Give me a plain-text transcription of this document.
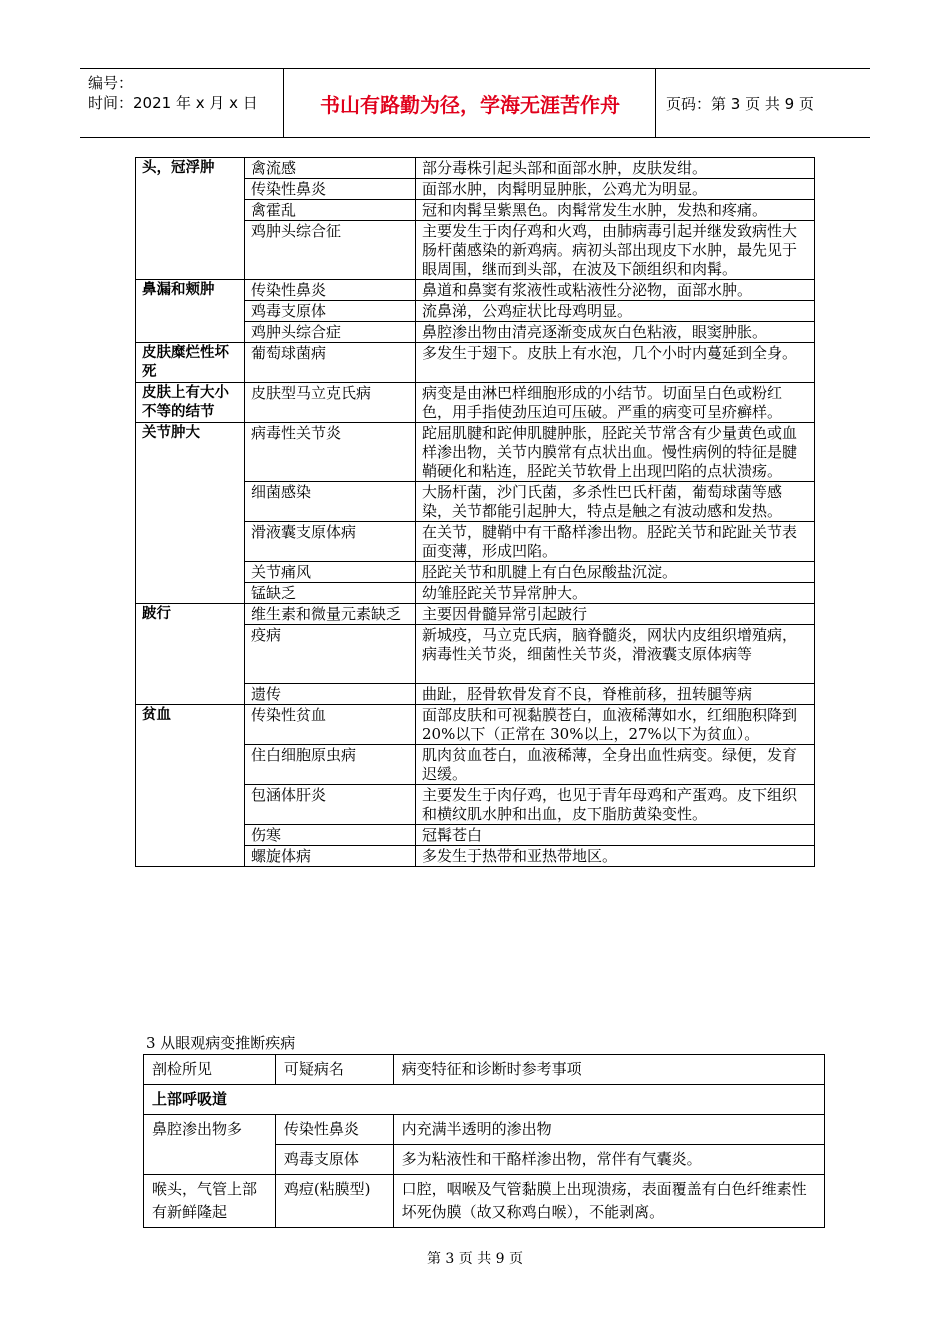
编号：
时间：2021 年 x 月 x 日	书山有路勤为径，学海无涯苦作舟	页码：第 3 页 共 9 页
头，冠浮肿	禽流感	部分毒株引起头部和面部水肿，皮肤发绀。
	传染性鼻炎	面部水肿，肉髯明显肿胀，公鸡尤为明显。
	禽霍乱	冠和肉髯呈紫黑色。肉髯常发生水肿，发热和疼痛。
	鸡肿头综合征	主要发生于肉仔鸡和火鸡，由肺病毒引起并继发致病性大肠杆菌感染的新鸡病。病初头部出现皮下水肿，最先见于眼周围，继而到头部，在波及下颌组织和肉髯。
鼻漏和颊肿	传染性鼻炎	鼻道和鼻窦有浆液性或粘液性分泌物，面部水肿。
	鸡毒支原体	流鼻涕，公鸡症状比母鸡明显。
	鸡肿头综合症	鼻腔渗出物由清亮逐渐变成灰白色粘液，眼窦肿胀。
皮肤糜烂性坏死	葡萄球菌病	多发生于翅下。皮肤上有水泡，几个小时内蔓延到全身。
皮肤上有大小不等的结节	皮肤型马立克氏病	病变是由淋巴样细胞形成的小结节。切面呈白色或粉红色，用手指使劲压迫可压破。严重的病变可呈疥癣样。
关节肿大	病毒性关节炎	跎屈肌腱和跎伸肌腱肿胀，胫跎关节常含有少量黄色或血样渗出物，关节内膜常有点状出血。慢性病例的特征是腱鞘硬化和粘连，胫跎关节软骨上出现凹陷的点状溃疡。
	细菌感染	大肠杆菌，沙门氏菌，多杀性巴氏杆菌，葡萄球菌等感染，关节都能引起肿大，特点是触之有波动感和发热。
	滑液囊支原体病	在关节，腱鞘中有干酪样渗出物。胫跎关节和跎趾关节表面变薄，形成凹陷。
	关节痛风	胫跎关节和肌腱上有白色尿酸盐沉淀。
	锰缺乏	幼雏胫跎关节异常肿大。
跛行	维生素和微量元素缺乏	主要因骨髓异常引起跛行
	疫病	新城疫，马立克氏病，脑脊髓炎，网状内皮组织增殖病，病毒性关节炎，细菌性关节炎，滑液囊支原体病等
	遗传	曲趾，胫骨软骨发育不良，脊椎前移，扭转腿等病
贫血	传染性贫血	面部皮肤和可视黏膜苍白，血液稀薄如水，红细胞积降到 20%以下（正常在 30%以上，27%以下为贫血）。
	住白细胞原虫病	肌肉贫血苍白，血液稀薄，全身出血性病变。绿便，发育迟缓。
	包涵体肝炎	主要发生于肉仔鸡，也见于青年母鸡和产蛋鸡。皮下组织和横纹肌水肿和出血，皮下脂肪黄染变性。
	伤寒	冠髯苍白
	螺旋体病	多发生于热带和亚热带地区。
3 从眼观病变推断疾病
剖检所见	可疑病名	病变特征和诊断时参考事项
上部呼吸道		
鼻腔渗出物多	传染性鼻炎	内充满半透明的渗出物
	鸡毒支原体	多为粘液性和干酪样渗出物，常伴有气囊炎。
喉头，气管上部有新鲜隆起	鸡痘(粘膜型)	口腔，咽喉及气管黏膜上出现溃疡，表面覆盖有白色纤维素性坏死伪膜（故又称鸡白喉），不能剥离。
第 3 页 共 9 页
